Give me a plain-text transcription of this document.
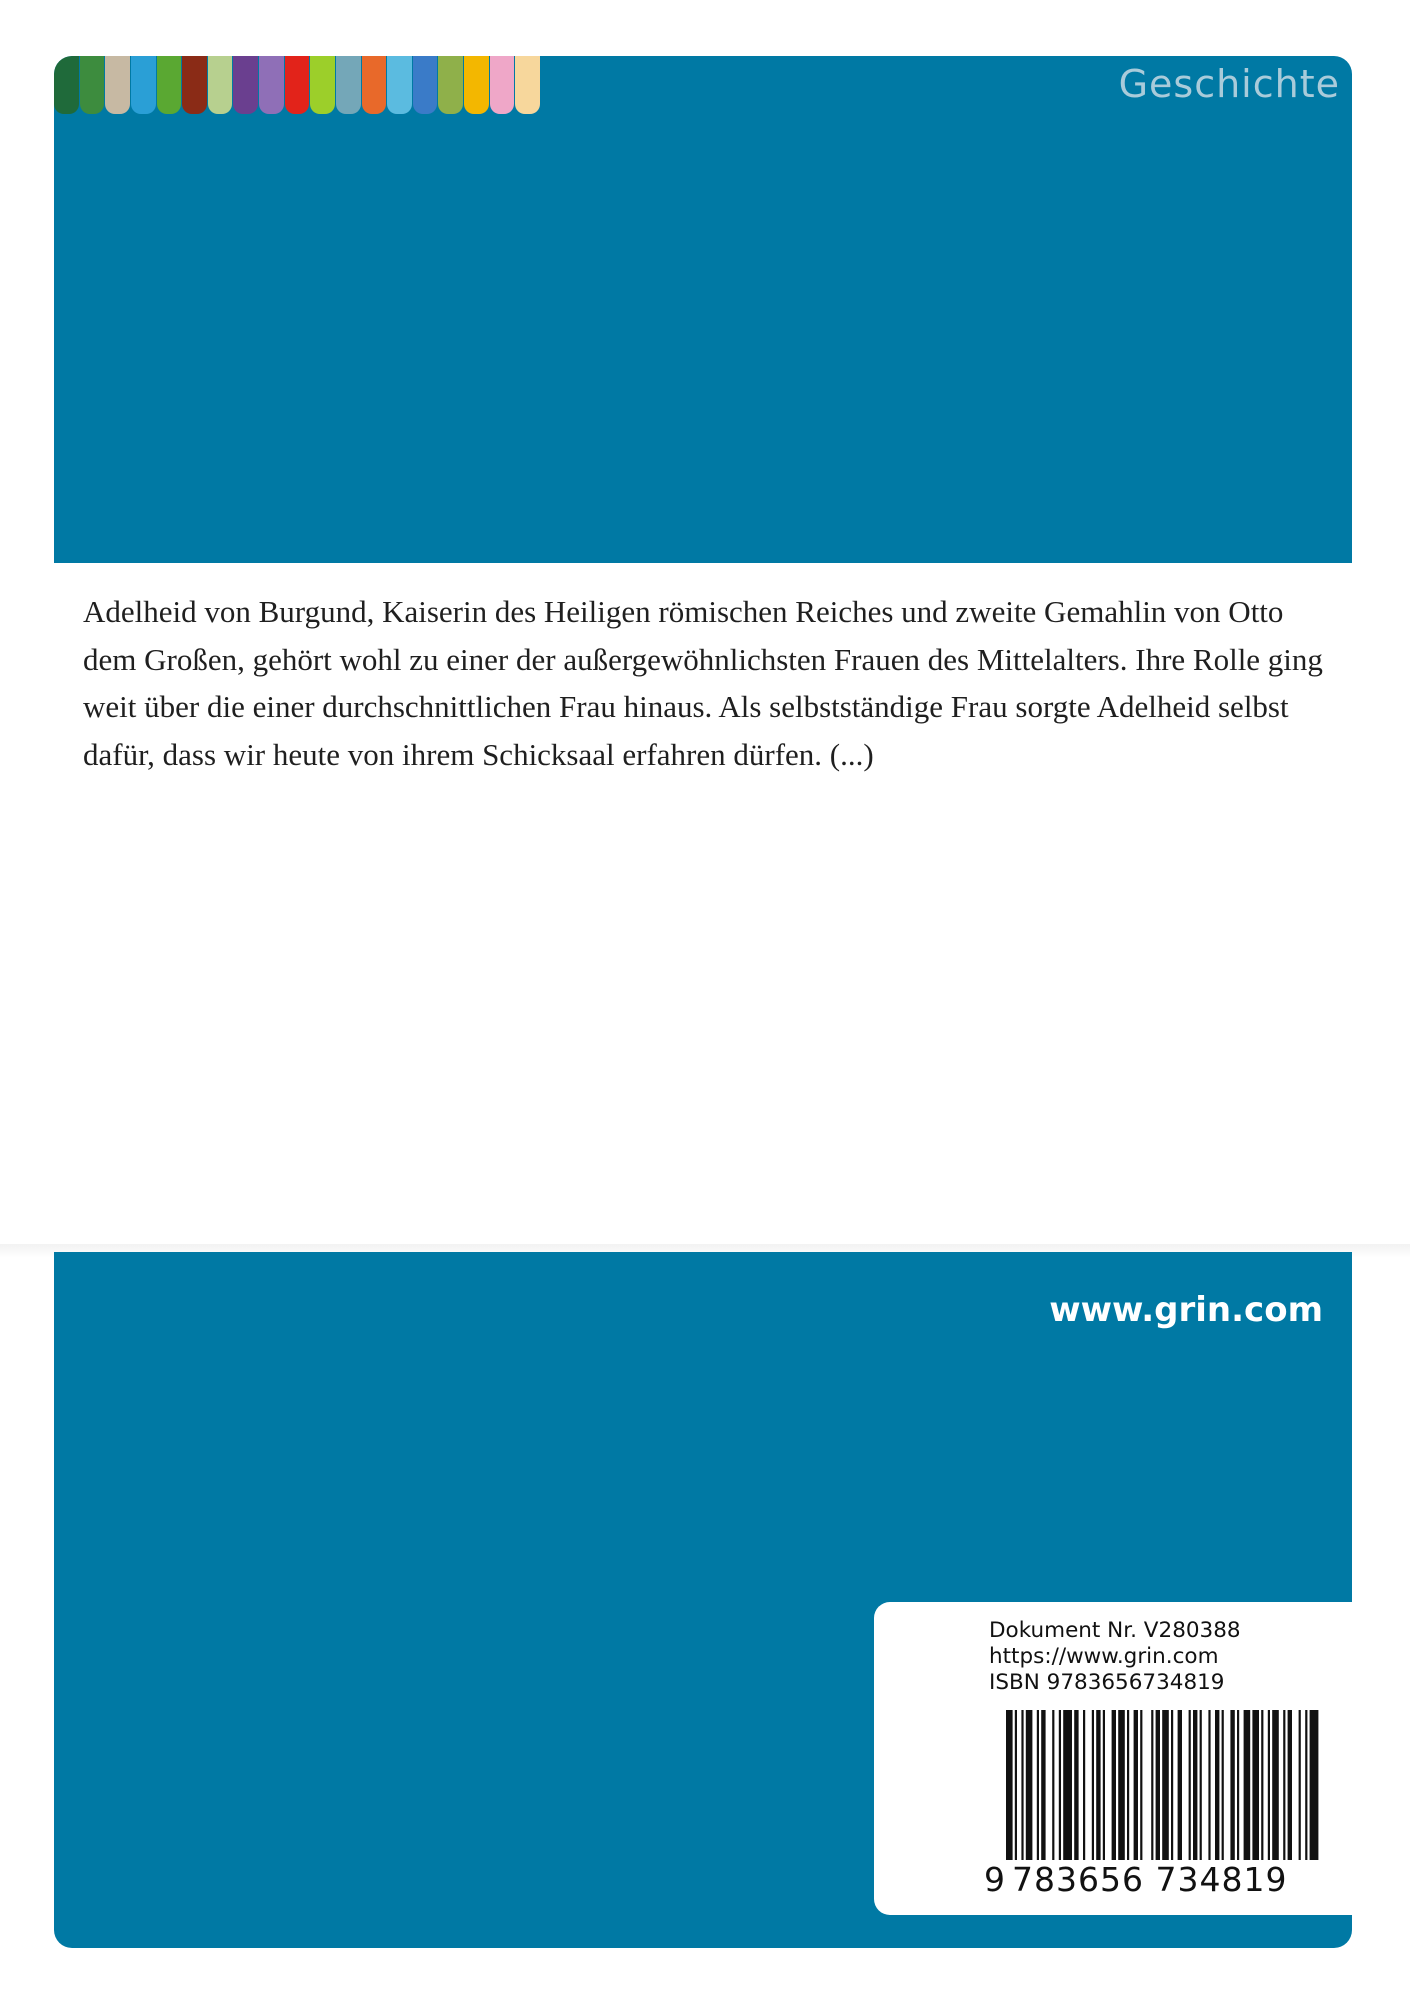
Geschichte

Adelheid von Burgund, Kaiserin des Heiligen römischen Reiches und zweite Gemahlin von Otto dem Großen, gehört wohl zu einer der außergewöhnlichsten Frauen des Mittelalters. Ihre Rolle ging weit über die einer durchschnittlichen Frau hinaus. Als selbstständige Frau sorgte Adelheid selbst dafür, dass wir heute von ihrem Schicksaal erfahren dürfen. (...)

www.grin.com

Dokument Nr. V280388
https://www.grin.com
ISBN 9783656734819

9 783656 734819
